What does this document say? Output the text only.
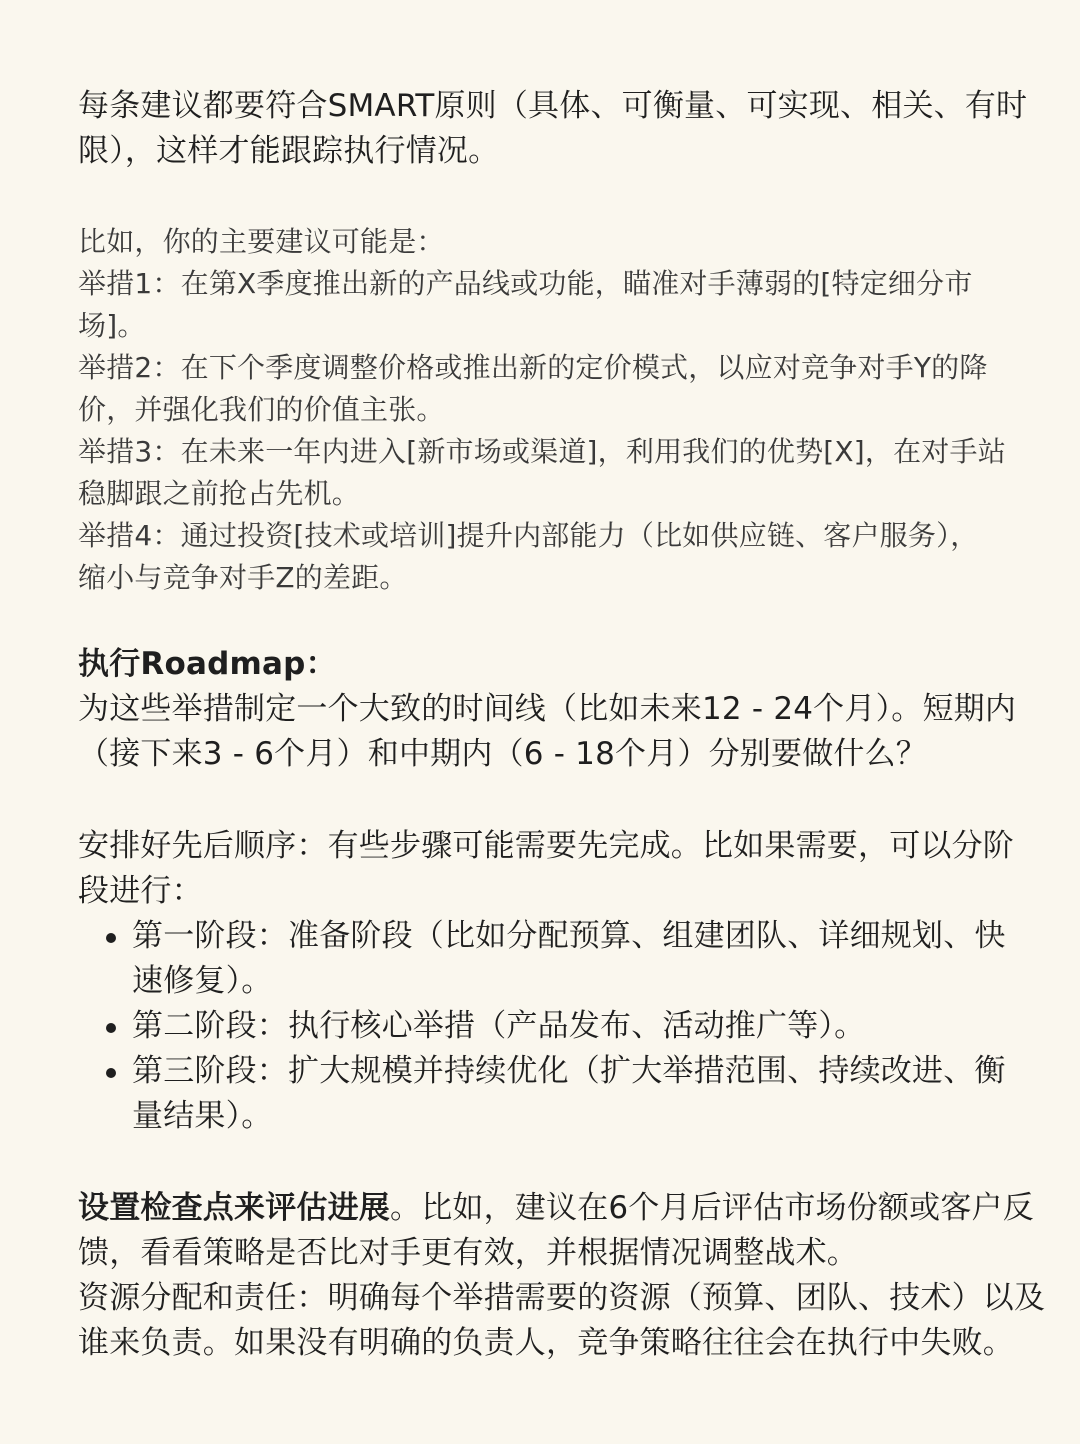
每条建议都要符合SMART原则（具体、可衡量、可实现、相关、有时

限），这样才能跟踪执行情况。

比如，你的主要建议可能是：

举措1：在第X季度推出新的产品线或功能，瞄准对手薄弱的[特定细分市

场]。

举措2：在下个季度调整价格或推出新的定价模式，以应对竞争对手Y的降

价，并强化我们的价值主张。

举措3：在未来一年内进入[新市场或渠道]，利用我们的优势[X]，在对手站

稳脚跟之前抢占先机。

举措4：通过投资[技术或培训]提升内部能力（比如供应链、客户服务），

缩小与竞争对手Z的差距。

执行Roadmap：

为这些举措制定一个大致的时间线（比如未来12 - 24个月）。短期内

（接下来3 - 6个月）和中期内（6 - 18个月）分别要做什么？

安排好先后顺序：有些步骤可能需要先完成。比如果需要，可以分阶

段进行：

第一阶段：准备阶段（比如分配预算、组建团队、详细规划、快

速修复）。

第二阶段：执行核心举措（产品发布、活动推广等）。

第三阶段：扩大规模并持续优化（扩大举措范围、持续改进、衡

量结果）。

设置检查点来评估进展。比如，建议在6个月后评估市场份额或客户反

馈，看看策略是否比对手更有效，并根据情况调整战术。

资源分配和责任：明确每个举措需要的资源（预算、团队、技术）以及

谁来负责。如果没有明确的负责人，竞争策略往往会在执行中失败。
